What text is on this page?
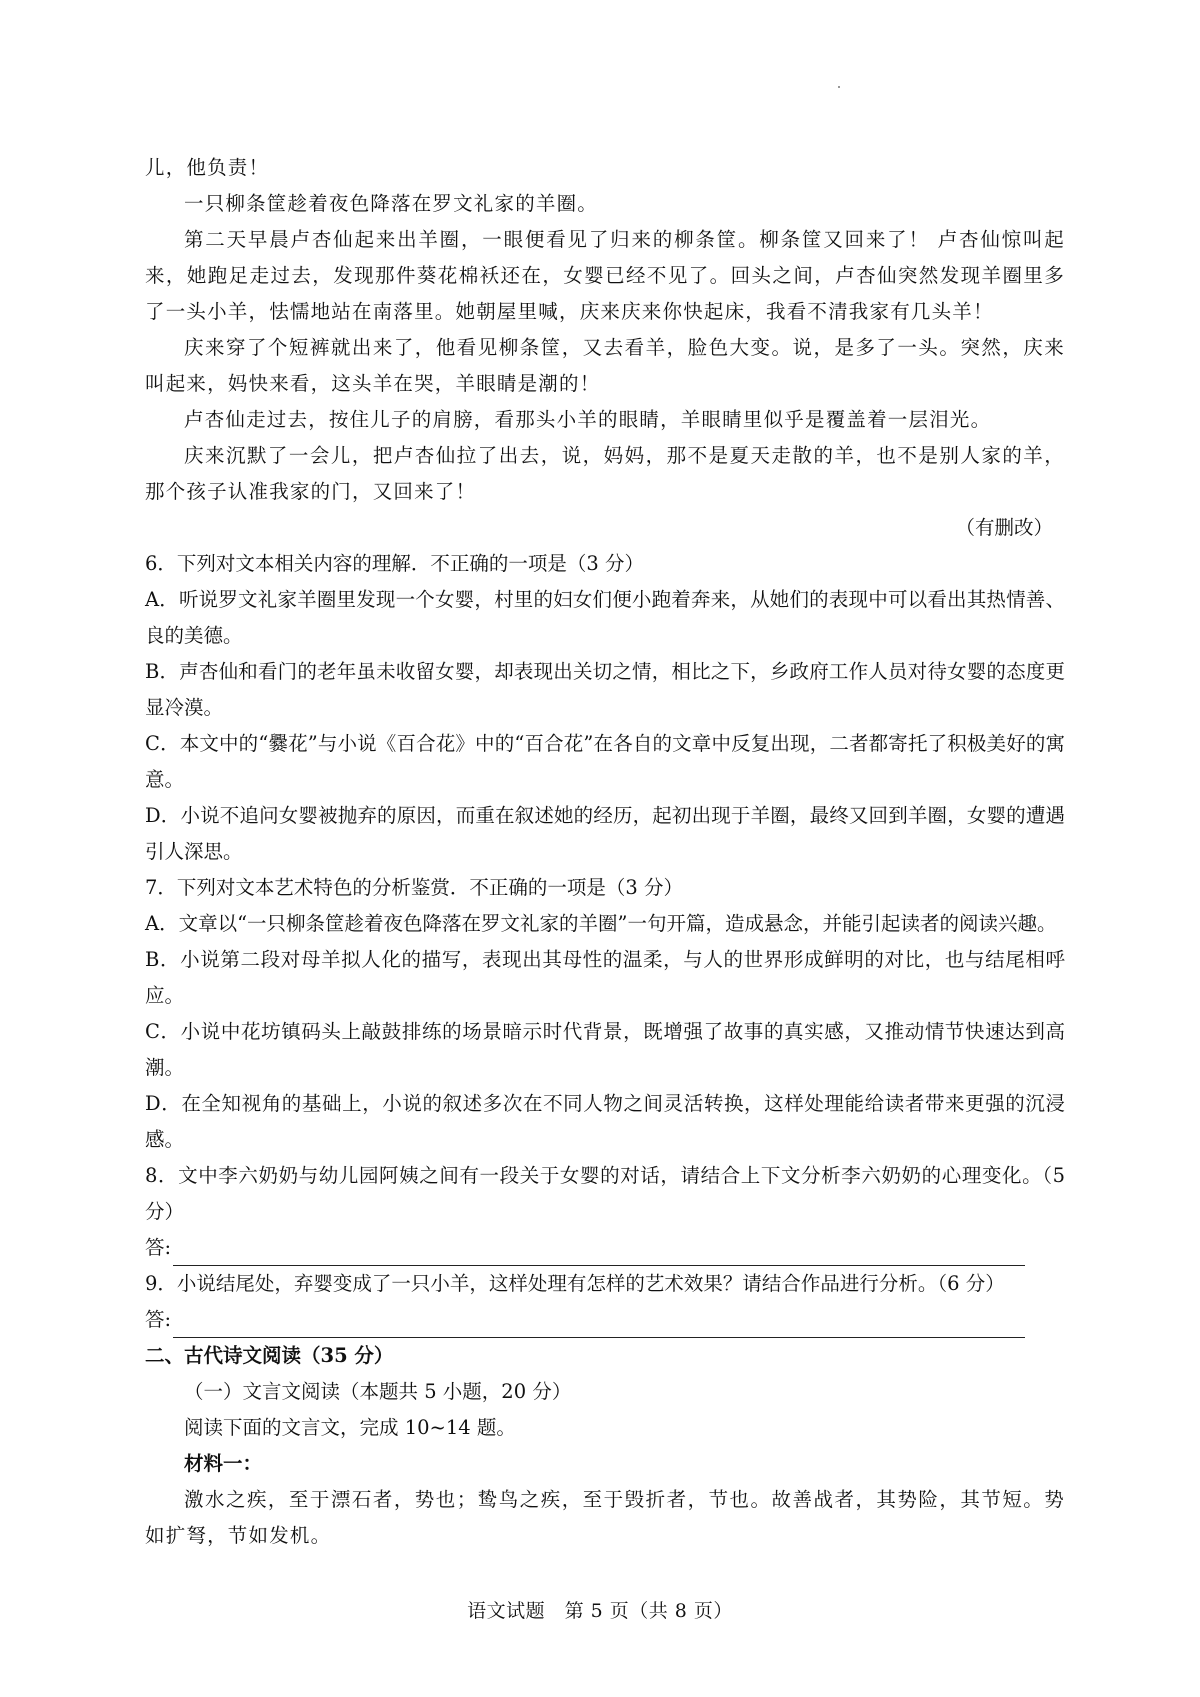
儿，他负责！

一只柳条筐趁着夜色降落在罗文礼家的羊圈。

第二天早晨卢杏仙起来出羊圈，一眼便看见了归来的柳条筐。柳条筐又回来了！ 卢杏仙惊叫起来，她跑足走过去，发现那件葵花棉袄还在，女婴已经不见了。回头之间，卢杏仙突然发现羊圈里多了一头小羊，怯懦地站在南落里。她朝屋里喊，庆来庆来你快起床，我看不清我家有几头羊！

庆来穿了个短裤就出来了，他看见柳条筐，又去看羊，脸色大变。说，是多了一头。突然，庆来叫起来，妈快来看，这头羊在哭，羊眼睛是潮的！

卢杏仙走过去，按住儿子的肩膀，看那头小羊的眼睛，羊眼睛里似乎是覆盖着一层泪光。

庆来沉默了一会儿，把卢杏仙拉了出去，说，妈妈，那不是夏天走散的羊，也不是别人家的羊，那个孩子认准我家的门，又回来了！

（有删改）

6．下列对文本相关内容的理解．不正确的一项是（3 分）

A．听说罗文礼家羊圈里发现一个女婴，村里的妇女们便小跑着奔来，从她们的表现中可以看出其热情善、良的美德。

B．声杏仙和看门的老年虽未收留女婴，却表现出关切之情，相比之下，乡政府工作人员对待女婴的态度更显冷漠。

C．本文中的“爨花”与小说《百合花》中的“百合花”在各自的文章中反复出现，二者都寄托了积极美好的寓意。

D．小说不追问女婴被抛弃的原因，而重在叙述她的经历，起初出现于羊圈，最终又回到羊圈，女婴的遭遇引人深思。

7．下列对文本艺术特色的分析鉴赏．不正确的一项是（3 分）

A．文章以“一只柳条筐趁着夜色降落在罗文礼家的羊圈”一句开篇，造成悬念，并能引起读者的阅读兴趣。

B．小说第二段对母羊拟人化的描写，表现出其母性的温柔，与人的世界形成鲜明的对比，也与结尾相呼应。

C．小说中花坊镇码头上敲鼓排练的场景暗示时代背景，既增强了故事的真实感，又推动情节快速达到高潮。

D．在全知视角的基础上，小说的叙述多次在不同人物之间灵活转换，这样处理能给读者带来更强的沉浸感。

8．文中李六奶奶与幼儿园阿姨之间有一段关于女婴的对话，请结合上下文分析李六奶奶的心理变化。（5 分）

答:

9．小说结尾处，弃婴变成了一只小羊，这样处理有怎样的艺术效果？请结合作品进行分析。（6 分）

答:

二、古代诗文阅读（35 分）

（一）文言文阅读（本题共 5 小题，20 分）

阅读下面的文言文，完成 10~14 题。

材料一：

激水之疾，至于漂石者，势也；鸷鸟之疾，至于毁折者，节也。故善战者，其势险，其节短。势如扩弩，节如发机。

语文试题　第 5 页（共 8 页）
